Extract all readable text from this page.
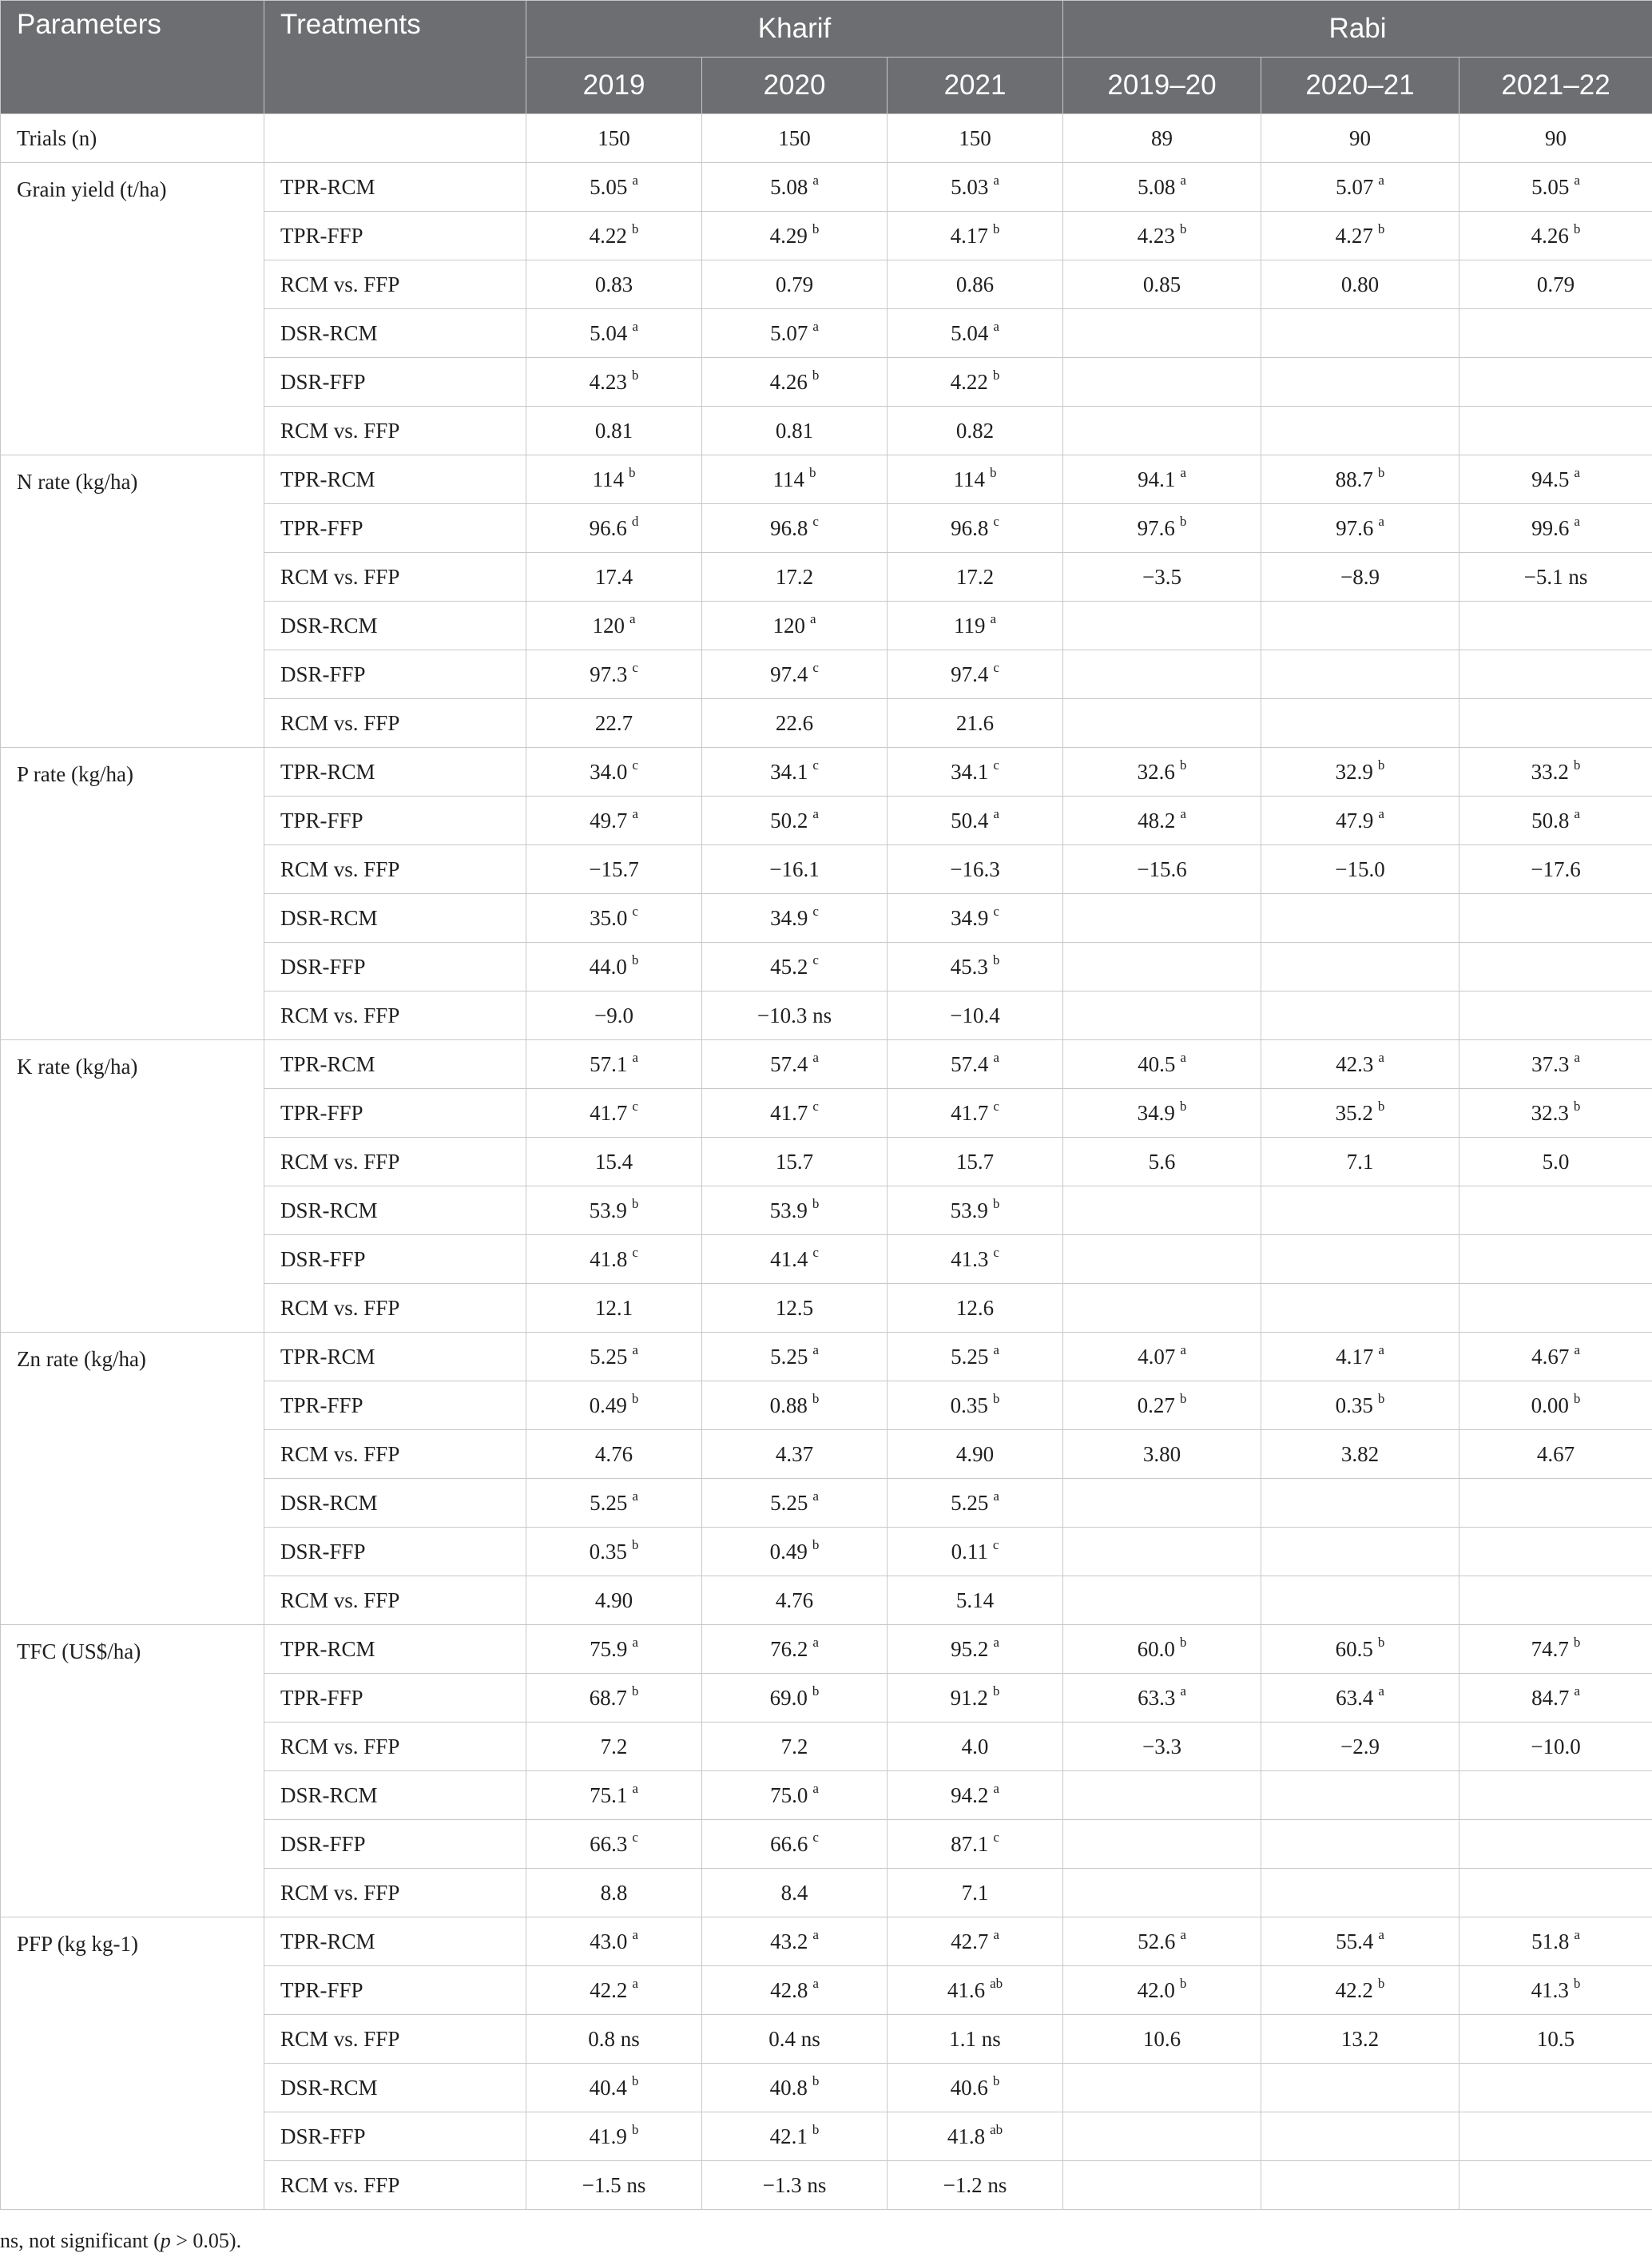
Parameters	Treatments	Kharif			Rabi		
		2019	2020	2021	2019–20	2020–21	2021–22
Trials (n)		150	150	150	89	90	90
Grain yield (t/ha)	TPR-RCM	5.05 $^a$	5.08 $^a$	5.03 $^a$	5.08 $^a$	5.07 $^a$	5.05 $^a$
	TPR-FFP	4.22 $^b$	4.29 $^b$	4.17 $^b$	4.23 $^b$	4.27 $^b$	4.26 $^b$
	RCM vs. FFP	0.83	0.79	0.86	0.85	0.80	0.79
	DSR-RCM	5.04 $^a$	5.07 $^a$	5.04 $^a$			
	DSR-FFP	4.23 $^b$	4.26 $^b$	4.22 $^b$			
	RCM vs. FFP	0.81	0.81	0.82			
N rate (kg/ha)	TPR-RCM	114 $^b$	114 $^b$	114 $^b$	94.1 $^a$	88.7 $^b$	94.5 $^a$
	TPR-FFP	96.6 $^d$	96.8 $^c$	96.8 $^c$	97.6 $^b$	97.6 $^a$	99.6 $^a$
	RCM vs. FFP	17.4	17.2	17.2	−3.5	−8.9	−5.1 ns
	DSR-RCM	120 $^a$	120 $^a$	119 $^a$			
	DSR-FFP	97.3 $^c$	97.4 $^c$	97.4 $^c$			
	RCM vs. FFP	22.7	22.6	21.6			
P rate (kg/ha)	TPR-RCM	34.0 $^c$	34.1 $^c$	34.1 $^c$	32.6 $^b$	32.9 $^b$	33.2 $^b$
	TPR-FFP	49.7 $^a$	50.2 $^a$	50.4 $^a$	48.2 $^a$	47.9 $^a$	50.8 $^a$
	RCM vs. FFP	−15.7	−16.1	−16.3	−15.6	−15.0	−17.6
	DSR-RCM	35.0 $^c$	34.9 $^c$	34.9 $^c$			
	DSR-FFP	44.0 $^b$	45.2 $^c$	45.3 $^b$			
	RCM vs. FFP	−9.0	−10.3 ns	−10.4			
K rate (kg/ha)	TPR-RCM	57.1 $^a$	57.4 $^a$	57.4 $^a$	40.5 $^a$	42.3 $^a$	37.3 $^a$
	TPR-FFP	41.7 $^c$	41.7 $^c$	41.7 $^c$	34.9 $^b$	35.2 $^b$	32.3 $^b$
	RCM vs. FFP	15.4	15.7	15.7	5.6	7.1	5.0
	DSR-RCM	53.9 $^b$	53.9 $^b$	53.9 $^b$			
	DSR-FFP	41.8 $^c$	41.4 $^c$	41.3 $^c$			
	RCM vs. FFP	12.1	12.5	12.6			
Zn rate (kg/ha)	TPR-RCM	5.25 $^a$	5.25 $^a$	5.25 $^a$	4.07 $^a$	4.17 $^a$	4.67 $^a$
	TPR-FFP	0.49 $^b$	0.88 $^b$	0.35 $^b$	0.27 $^b$	0.35 $^b$	0.00 $^b$
	RCM vs. FFP	4.76	4.37	4.90	3.80	3.82	4.67
	DSR-RCM	5.25 $^a$	5.25 $^a$	5.25 $^a$			
	DSR-FFP	0.35 $^b$	0.49 $^b$	0.11 $^c$			
	RCM vs. FFP	4.90	4.76	5.14			
TFC (US$/ha)	TPR-RCM	75.9 $^a$	76.2 $^a$	95.2 $^a$	60.0 $^b$	60.5 $^b$	74.7 $^b$
	TPR-FFP	68.7 $^b$	69.0 $^b$	91.2 $^b$	63.3 $^a$	63.4 $^a$	84.7 $^a$
	RCM vs. FFP	7.2	7.2	4.0	−3.3	−2.9	−10.0
	DSR-RCM	75.1 $^a$	75.0 $^a$	94.2 $^a$			
	DSR-FFP	66.3 $^c$	66.6 $^c$	87.1 $^c$			
	RCM vs. FFP	8.8	8.4	7.1			
PFP (kg kg-1)	TPR-RCM	43.0 $^a$	43.2 $^a$	42.7 $^a$	52.6 $^a$	55.4 $^a$	51.8 $^a$
	TPR-FFP	42.2 $^a$	42.8 $^a$	41.6 $^{ab}$	42.0 $^b$	42.2 $^b$	41.3 $^b$
	RCM vs. FFP	0.8 ns	0.4 ns	1.1 ns	10.6	13.2	10.5
	DSR-RCM	40.4 $^b$	40.8 $^b$	40.6 $^b$			
	DSR-FFP	41.9 $^b$	42.1 $^b$	41.8 $^{ab}$			
	RCM vs. FFP	−1.5 ns	−1.3 ns	−1.2 ns			
ns, not significant (p > 0.05).
